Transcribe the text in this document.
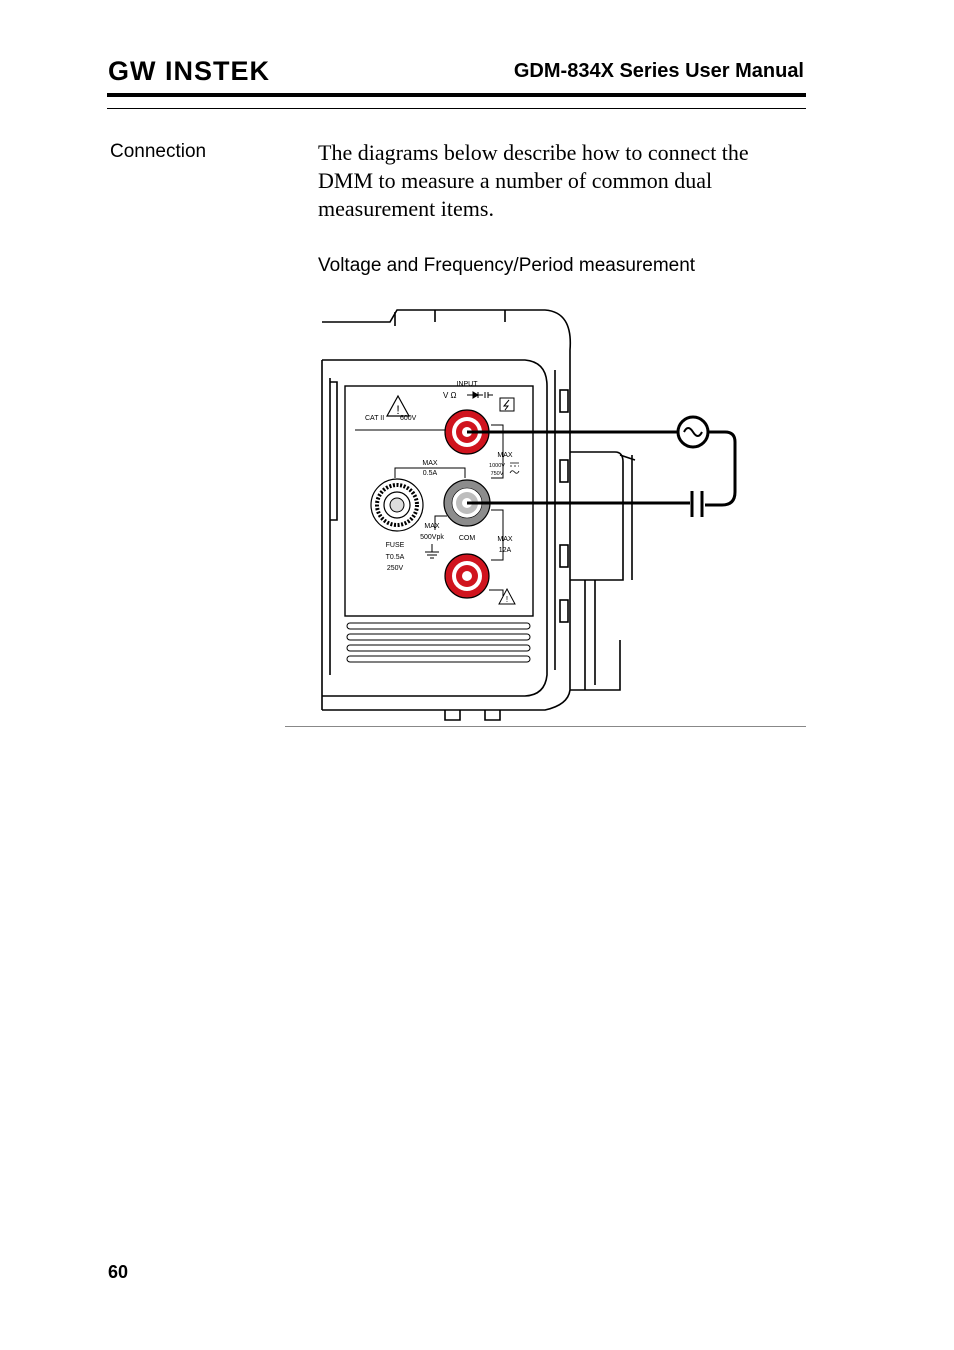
GW INSTEK	GDM-834X Series User Manual
Connection	The diagrams below describe how to connect the DMM to measure a number of common dual measurement items.
Voltage and Frequency/Period measurement
!
INPUT
V Ω
CAT II 600V
MAX
1000V
750V
MAX
0.5A
FUSE
T0.5A
250V
MAX
500Vpk COM	MAX
12A
!
60
